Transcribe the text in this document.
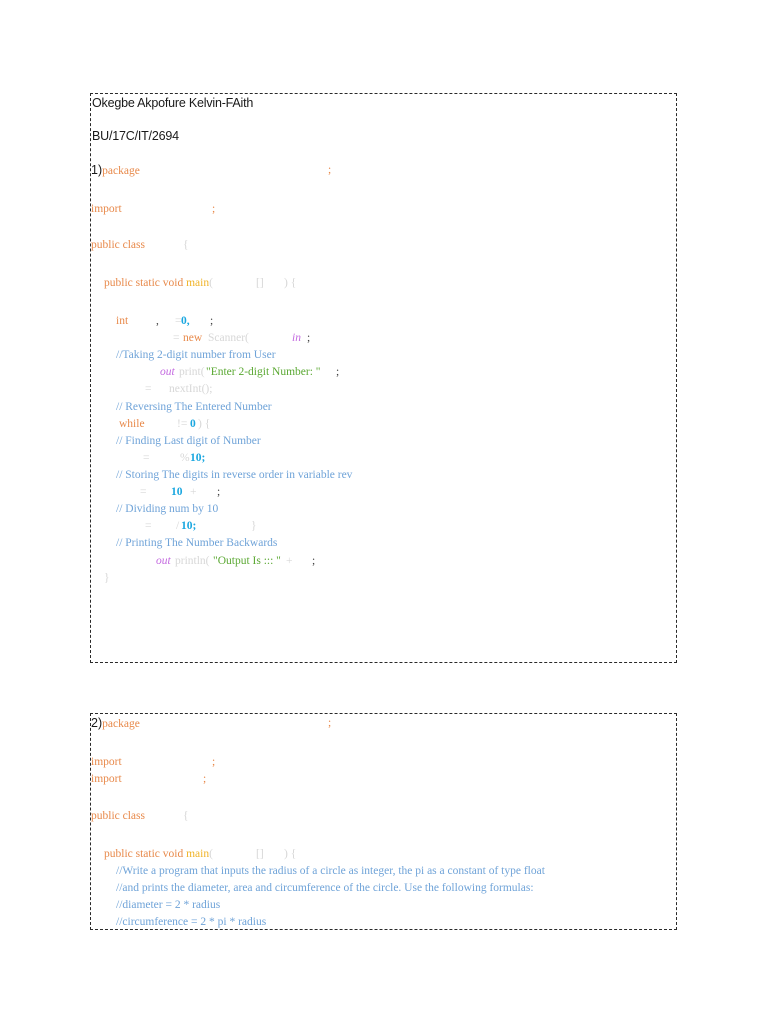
Okegbe Akpofure Kelvin-FAith
BU/17C/IT/2694
1)package	;
import	;
public class	{
public static void main(	[] ) {
int , = 0, ;
= new Scanner(	in ;
//Taking 2-digit number from User
out print( "Enter 2-digit Number: " ;
= nextInt();
// Reversing The Entered Number
while	!= 0 ) {
// Finding Last digit of Number
=	% 10;
// Storing The digits in reverse order in variable rev
= 10 + ;
// Dividing num by 10
= / 10;	}
// Printing The Number Backwards
out println( "Output Is ::: " + ;
}
2)package	;
import	;
import	;
public class	{
public static void main(	[] ) {
//Write a program that inputs the radius of a circle as integer, the pi as a constant of type float
//and prints the diameter, area and circumference of the circle. Use the following formulas:
//diameter = 2 * radius
//circumference = 2 * pi * radius
